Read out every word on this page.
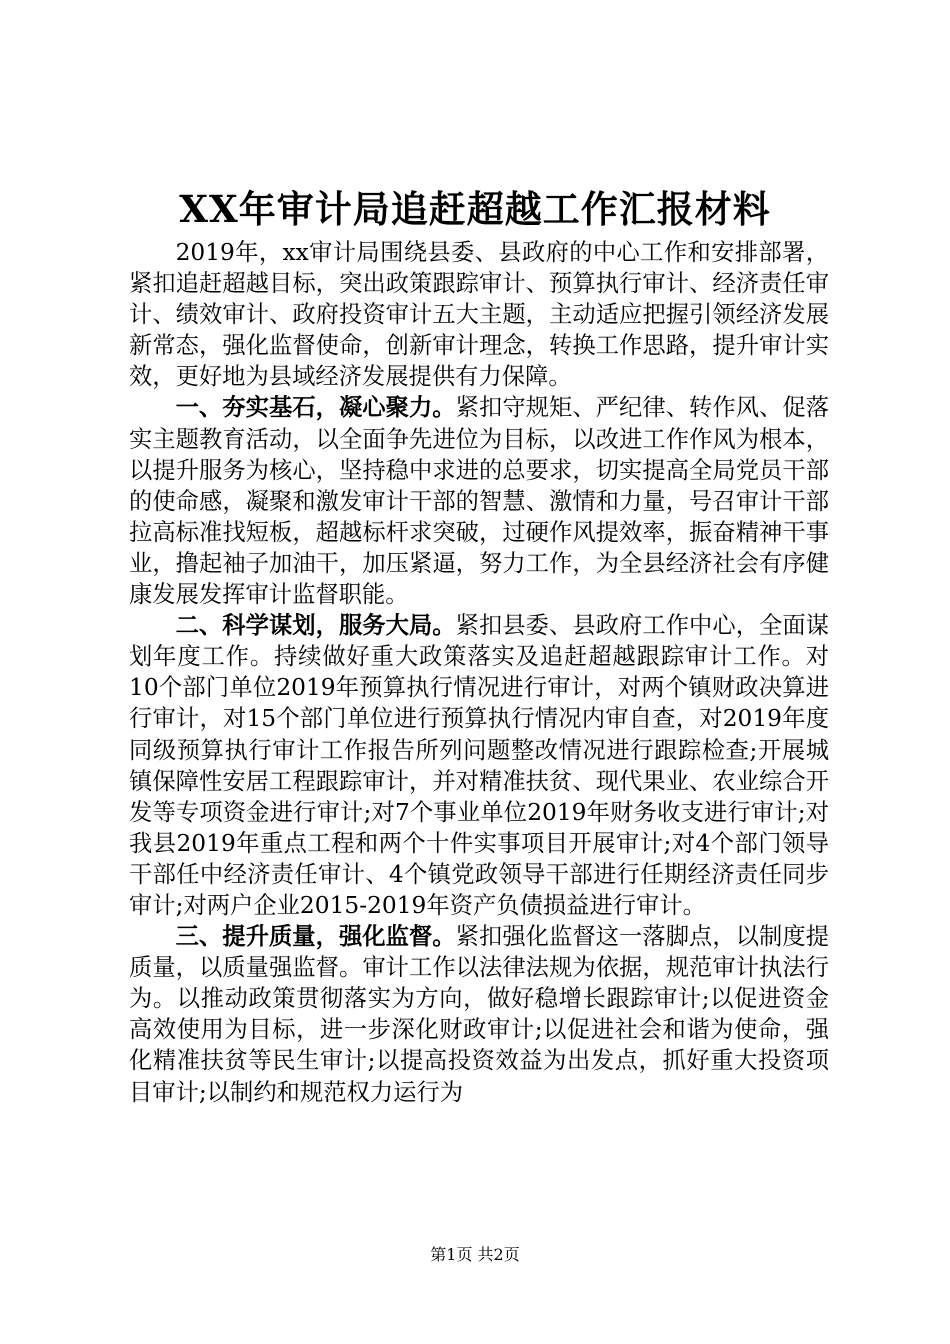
XX年审计局追赶超越工作汇报材料

2019年，xx审计局围绕县委、县政府的中心工作和安排部署，紧扣追赶超越目标，突出政策跟踪审计、预算执行审计、经济责任审计、绩效审计、政府投资审计五大主题，主动适应把握引领经济发展新常态，强化监督使命，创新审计理念，转换工作思路，提升审计实效，更好地为县域经济发展提供有力保障。

一、夯实基石，凝心聚力。紧扣守规矩、严纪律、转作风、促落实主题教育活动，以全面争先进位为目标，以改进工作作风为根本，以提升服务为核心，坚持稳中求进的总要求，切实提高全局党员干部的使命感，凝聚和激发审计干部的智慧、激情和力量，号召审计干部拉高标准找短板，超越标杆求突破，过硬作风提效率，振奋精神干事业，撸起袖子加油干，加压紧逼，努力工作，为全县经济社会有序健康发展发挥审计监督职能。

二、科学谋划，服务大局。紧扣县委、县政府工作中心，全面谋划年度工作。持续做好重大政策落实及追赶超越跟踪审计工作。对10个部门单位2019年预算执行情况进行审计，对两个镇财政决算进行审计，对15个部门单位进行预算执行情况内审自查，对2019年度同级预算执行审计工作报告所列问题整改情况进行跟踪检查;开展城镇保障性安居工程跟踪审计，并对精准扶贫、现代果业、农业综合开发等专项资金进行审计;对7个事业单位2019年财务收支进行审计;对我县2019年重点工程和两个十件实事项目开展审计;对4个部门领导干部任中经济责任审计、4个镇党政领导干部进行任期经济责任同步审计;对两户企业2015-2019年资产负债损益进行审计。

三、提升质量，强化监督。紧扣强化监督这一落脚点，以制度提质量，以质量强监督。审计工作以法律法规为依据，规范审计执法行为。以推动政策贯彻落实为方向，做好稳增长跟踪审计;以促进资金高效使用为目标，进一步深化财政审计;以促进社会和谐为使命，强化精准扶贫等民生审计;以提高投资效益为出发点，抓好重大投资项目审计;以制约和规范权力运行为

第1页 共2页
